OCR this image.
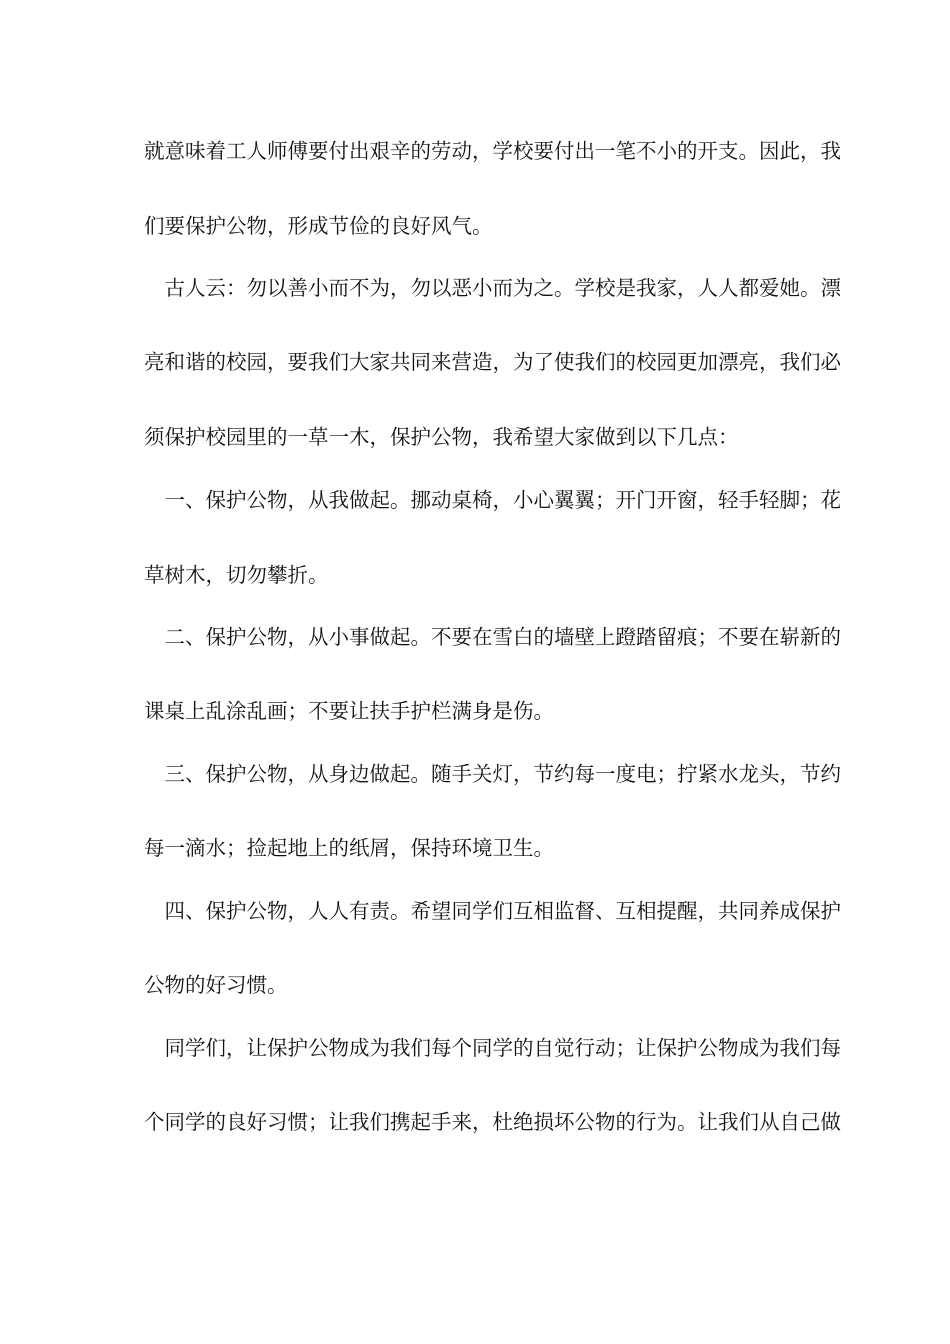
就意味着工人师傅要付出艰辛的劳动，学校要付出一笔不小的开支。因此，我
们要保护公物，形成节俭的良好风气。
　古人云：勿以善小而不为，勿以恶小而为之。学校是我家，人人都爱她。漂
亮和谐的校园，要我们大家共同来营造，为了使我们的校园更加漂亮，我们必
须保护校园里的一草一木，保护公物，我希望大家做到以下几点：
　一、保护公物，从我做起。挪动桌椅，小心翼翼；开门开窗，轻手轻脚；花
草树木，切勿攀折。
　二、保护公物，从小事做起。不要在雪白的墙壁上蹬踏留痕；不要在崭新的
课桌上乱涂乱画；不要让扶手护栏满身是伤。
　三、保护公物，从身边做起。随手关灯，节约每一度电；拧紧水龙头，节约
每一滴水；捡起地上的纸屑，保持环境卫生。
　四、保护公物，人人有责。希望同学们互相监督、互相提醒，共同养成保护
公物的好习惯。
　同学们，让保护公物成为我们每个同学的自觉行动；让保护公物成为我们每
个同学的良好习惯；让我们携起手来，杜绝损坏公物的行为。让我们从自己做
